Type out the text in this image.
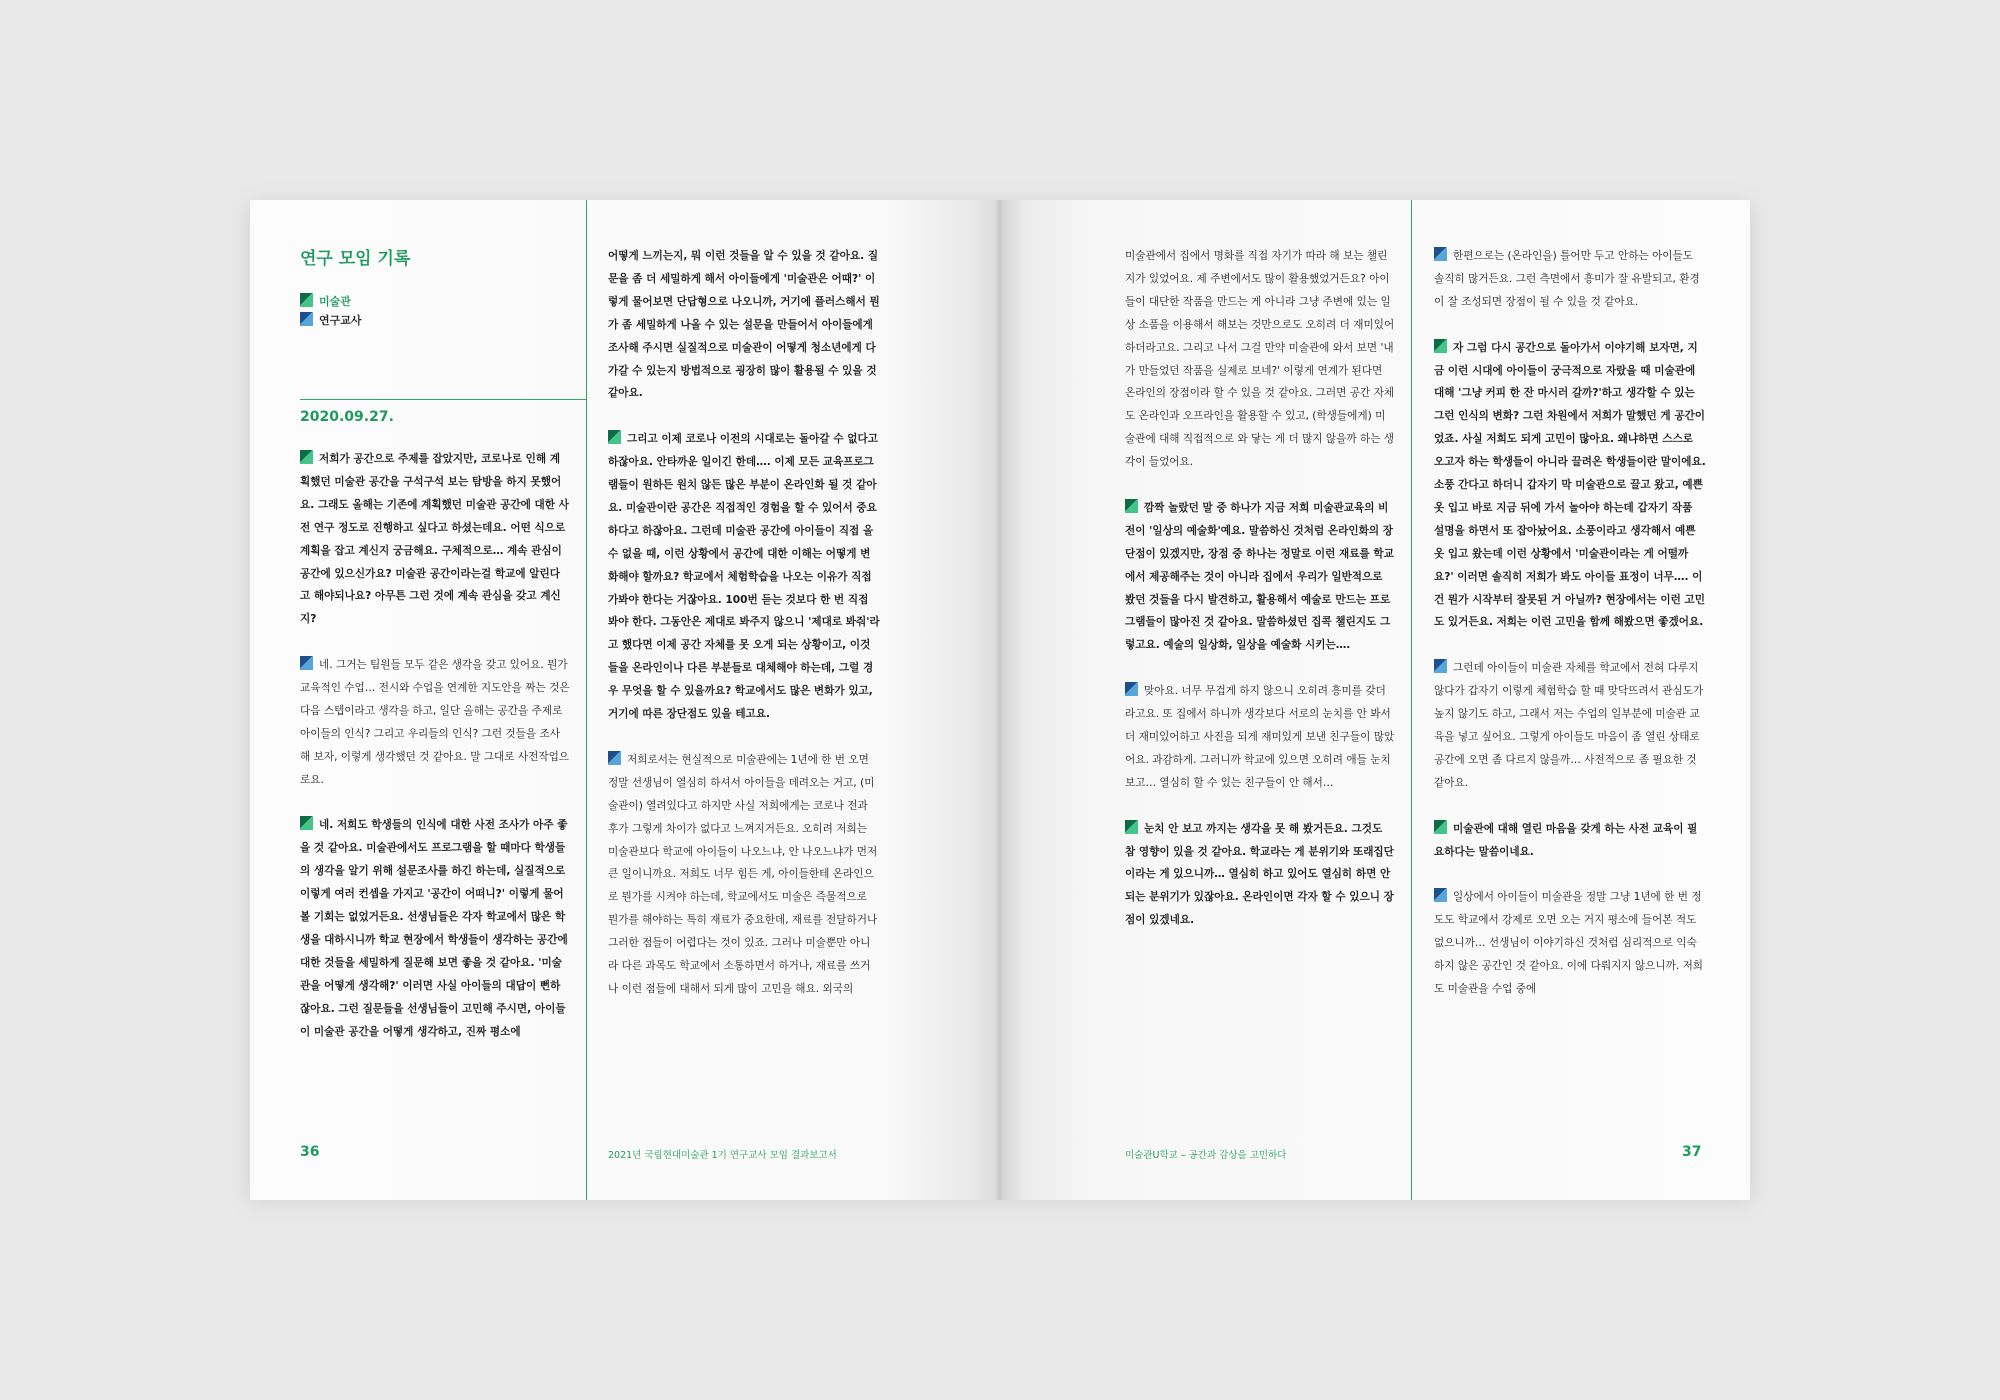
연구 모임 기록
미술관
연구교사
2020.09.27.

저희가 공간으로 주제를 잡았지만, 코로나로 인해 계획했던 미술관 공간을 구석구석 보는 탐방을 하지 못했어요. 그래도 올해는 기존에 계획했던 미술관 공간에 대한 사전 연구 정도로 진행하고 싶다고 하셨는데요. 어떤 식으로 계획을 잡고 계신지 궁금해요. 구체적으로… 계속 관심이 공간에 있으신가요? 미술관 공간이라는걸 학교에 알린다고 해야되나요? 아무튼 그런 것에 계속 관심을 갖고 계신지?

네. 그거는 팀원들 모두 같은 생각을 갖고 있어요. 뭔가 교육적인 수업… 전시와 수업을 연계한 지도안을 짜는 것은 다음 스텝이라고 생각을 하고, 일단 올해는 공간을 주제로 아이들의 인식? 그리고 우리들의 인식? 그런 것들을 조사해 보자, 이렇게 생각했던 것 같아요. 말 그대로 사전작업으로요.

네. 저희도 학생들의 인식에 대한 사전 조사가 아주 좋을 것 같아요. 미술관에서도 프로그램을 할 때마다 학생들의 생각을 알기 위해 설문조사를 하긴 하는데, 실질적으로 이렇게 여러 컨셉을 가지고 '공간이 어떠니?' 이렇게 물어볼 기회는 없었거든요. 선생님들은 각자 학교에서 많은 학생을 대하시니까 학교 현장에서 학생들이 생각하는 공간에 대한 것들을 세밀하게 질문해 보면 좋을 것 같아요. '미술관을 어떻게 생각해?' 이러면 사실 아이들의 대답이 뻔하잖아요. 그런 질문들을 선생님들이 고민해 주시면, 아이들이 미술관 공간을 어떻게 생각하고, 진짜 평소에

어떻게 느끼는지, 뭐 이런 것들을 알 수 있을 것 같아요. 질문을 좀 더 세밀하게 해서 아이들에게 '미술관은 어때?' 이렇게 물어보면 단답형으로 나오니까, 거기에 플러스해서 뭔가 좀 세밀하게 나올 수 있는 설문을 만들어서 아이들에게 조사해 주시면 실질적으로 미술관이 어떻게 청소년에게 다가갈 수 있는지 방법적으로 굉장히 많이 활용될 수 있을 것 같아요.

그리고 이제 코로나 이전의 시대로는 돌아갈 수 없다고 하잖아요. 안타까운 일이긴 한데…. 이제 모든 교육프로그램들이 원하든 원치 않든 많은 부분이 온라인화 될 것 같아요. 미술관이란 공간은 직접적인 경험을 할 수 있어서 중요하다고 하잖아요. 그런데 미술관 공간에 아이들이 직접 올 수 없을 때, 이런 상황에서 공간에 대한 이해는 어떻게 변화해야 할까요? 학교에서 체험학습을 나오는 이유가 직접 가봐야 한다는 거잖아요. 100번 듣는 것보다 한 번 직접 봐야 한다. 그동안은 제대로 봐주지 않으니 '제대로 봐줘'라고 했다면 이제 공간 자체를 못 오게 되는 상황이고, 이것들을 온라인이나 다른 부분들로 대체해야 하는데, 그럴 경우 무엇을 할 수 있을까요? 학교에서도 많은 변화가 있고, 거기에 따른 장단점도 있을 테고요.

저희로서는 현실적으로 미술관에는 1년에 한 번 오면 정말 선생님이 열심히 하셔서 아이들을 데려오는 거고, (미술관이) 열려있다고 하지만 사실 저희에게는 코로나 전과 후가 그렇게 차이가 없다고 느껴지거든요. 오히려 저희는 미술관보다 학교에 아이들이 나오느냐, 안 나오느냐가 먼저 큰 일이니까요. 저희도 너무 힘든 게, 아이들한테 온라인으로 뭔가를 시켜야 하는데, 학교에서도 미술은 즉물적으로 뭔가를 해야하는 특히 재료가 중요한데, 재료를 전달하거나 그러한 점들이 어렵다는 것이 있죠. 그러나 미술뿐만 아니라 다른 과목도 학교에서 소통하면서 하거나, 재료를 쓰거나 이런 점들에 대해서 되게 많이 고민을 해요. 외국의

36	2021년 국립현대미술관 1기 연구교사 모임 결과보고서

미술관에서 집에서 명화를 직접 자기가 따라 해 보는 챌린지가 있었어요. 제 주변에서도 많이 활용했었거든요? 아이들이 대단한 작품을 만드는 게 아니라 그냥 주변에 있는 일상 소품을 이용해서 해보는 것만으로도 오히려 더 재미있어하더라고요. 그리고 나서 그걸 만약 미술관에 와서 보면 '내가 만들었던 작품을 실제로 보네?' 이렇게 연계가 된다면 온라인의 장점이라 할 수 있을 것 같아요. 그러면 공간 자체도 온라인과 오프라인을 활용할 수 있고, (학생들에게) 미술관에 대해 직접적으로 와 닿는 게 더 많지 않을까 하는 생각이 들었어요.

깜짝 놀랐던 말 중 하나가 지금 저희 미술관교육의 비전이 '일상의 예술화'예요. 말씀하신 것처럼 온라인화의 장단점이 있겠지만, 장점 중 하나는 정말로 이런 재료를 학교에서 제공해주는 것이 아니라 집에서 우리가 일반적으로 봤던 것들을 다시 발견하고, 활용해서 예술로 만드는 프로그램들이 많아진 것 같아요. 말씀하셨던 집콕 챌린지도 그렇고요. 예술의 일상화, 일상을 예술화 시키는….

맞아요. 너무 무겁게 하지 않으니 오히려 흥미를 갖더라고요. 또 집에서 하니까 생각보다 서로의 눈치를 안 봐서 더 재미있어하고 사진을 되게 재미있게 보낸 친구들이 많았어요. 과감하게. 그러니까 학교에 있으면 오히려 애들 눈치 보고… 열심히 할 수 있는 친구들이 안 해서…

눈치 안 보고 까지는 생각을 못 해 봤거든요. 그것도 참 영향이 있을 것 같아요. 학교라는 게 분위기와 또래집단이라는 게 있으니까… 열심히 하고 있어도 열심히 하면 안 되는 분위기가 있잖아요. 온라인이면 각자 할 수 있으니 장점이 있겠네요.

한편으로는 (온라인을) 틀어만 두고 안하는 아이들도 솔직히 많거든요. 그런 측면에서 흥미가 잘 유발되고, 환경이 잘 조성되면 장점이 될 수 있을 것 같아요.

자 그럼 다시 공간으로 돌아가서 이야기해 보자면, 지금 이런 시대에 아이들이 궁극적으로 자랐을 때 미술관에 대해 '그냥 커피 한 잔 마시러 갈까?'하고 생각할 수 있는 그런 인식의 변화? 그런 차원에서 저희가 말했던 게 공간이었죠. 사실 저희도 되게 고민이 많아요. 왜냐하면 스스로 오고자 하는 학생들이 아니라 끌려온 학생들이란 말이에요. 소풍 간다고 하더니 갑자기 막 미술관으로 끌고 왔고, 예쁜 옷 입고 바로 지금 뒤에 가서 놀아야 하는데 갑자기 작품 설명을 하면서 또 잡아놨어요. 소풍이라고 생각해서 예쁜 옷 입고 왔는데 이런 상황에서 '미술관이라는 게 어떨까요?' 이러면 솔직히 저희가 봐도 아이들 표정이 너무…. 이건 뭔가 시작부터 잘못된 거 아닐까? 현장에서는 이런 고민도 있거든요. 저희는 이런 고민을 함께 해봤으면 좋겠어요.

그런데 아이들이 미술관 자체를 학교에서 전혀 다루지 않다가 갑자기 이렇게 체험학습 할 때 맞닥뜨려서 관심도가 높지 않기도 하고, 그래서 저는 수업의 일부분에 미술관 교육을 넣고 싶어요. 그렇게 아이들도 마음이 좀 열린 상태로 공간에 오면 좀 다르지 않을까… 사전적으로 좀 필요한 것 같아요.

미술관에 대해 열린 마음을 갖게 하는 사전 교육이 필요하다는 말씀이네요.

일상에서 아이들이 미술관을 정말 그냥 1년에 한 번 정도도 학교에서 강제로 오면 오는 거지 평소에 들어본 적도 없으니까… 선생님이 이야기하신 것처럼 심리적으로 익숙하지 않은 공간인 것 같아요. 이에 다뤄지지 않으니까. 저희도 미술관을 수업 중에

미술관U학교 – 공간과 감상을 고민하다	37
